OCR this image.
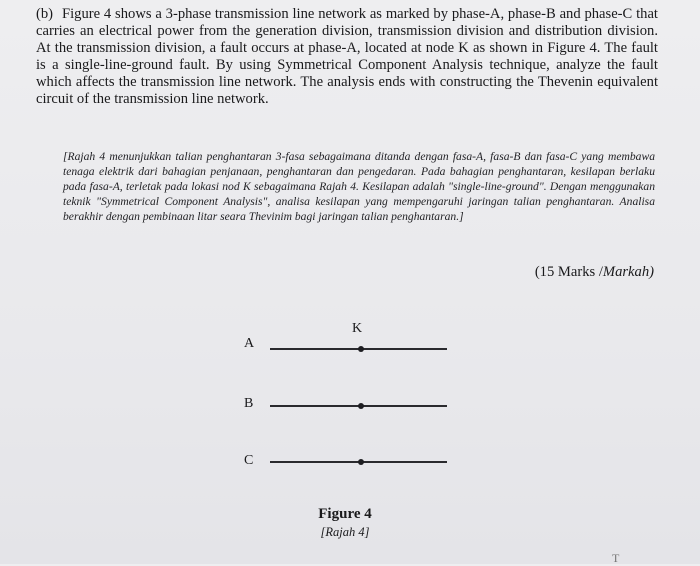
(b) Figure 4 shows a 3-phase transmission line network as marked by phase-A, phase-B and phase-C that carries an electrical power from the generation division, transmission division and distribution division. At the transmission division, a fault occurs at phase-A, located at node K as shown in Figure 4. The fault is a single-line-ground fault. By using Symmetrical Component Analysis technique, analyze the fault which affects the transmission line network. The analysis ends with constructing the Thevenin equivalent circuit of the transmission line network.

[Rajah 4 menunjukkan talian penghantaran 3-fasa sebagaimana ditanda dengan fasa-A, fasa-B dan fasa-C yang membawa tenaga elektrik dari bahagian penjanaan, penghantaran dan pengedaran. Pada bahagian penghantaran, kesilapan berlaku pada fasa-A, terletak pada lokasi nod K sebagaimana Rajah 4. Kesilapan adalah "single-line-ground". Dengan menggunakan teknik "Symmetrical Component Analysis", analisa kesilapan yang mempengaruhi jaringan talian penghantaran. Analisa berakhir dengan pembinaan litar seara Thevinim bagi jaringan talian penghantaran.]

(15 Marks /Markah)
K
A
B
C
Figure 4
[Rajah 4]
T
